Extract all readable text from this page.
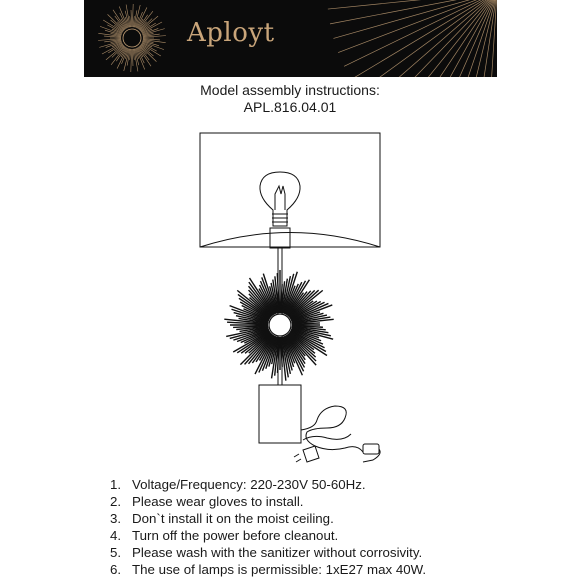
Aployt
Model assembly instructions:
APL.816.04.01
1. Voltage/Frequency: 220-230V 50-60Hz.
2. Please wear gloves to install.
3. Don`t install it on the moist ceiling.
4. Turn off the power before cleanout.
5. Please wash with the sanitizer without corrosivity.
6. The use of lamps is permissible: 1xE27 max 40W.
